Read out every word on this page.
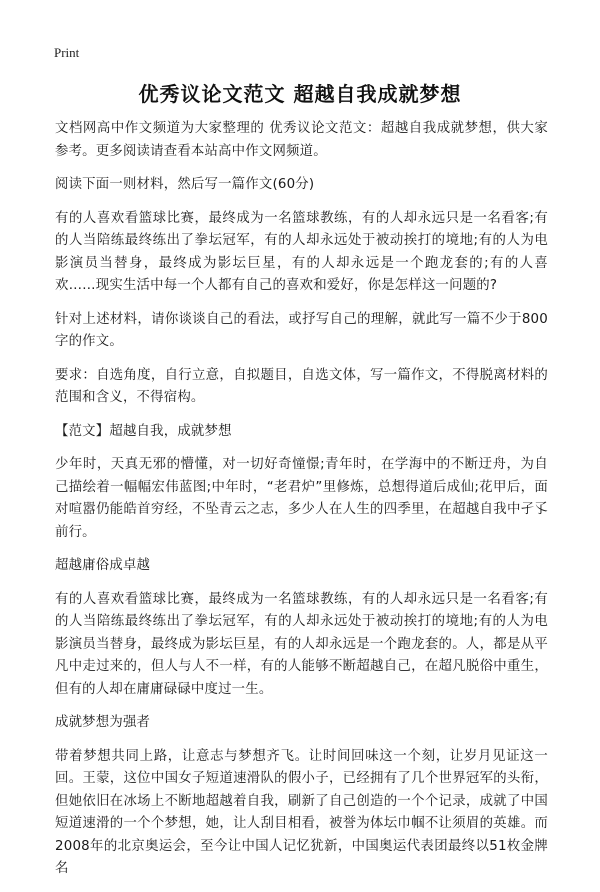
Print
优秀议论文范文 超越自我成就梦想

文档网高中作文频道为大家整理的 优秀议论文范文：超越自我成就梦想，供大家参考。更多阅读请查看本站高中作文网频道。

阅读下面一则材料，然后写一篇作文(60分)

有的人喜欢看篮球比赛，最终成为一名篮球教练，有的人却永远只是一名看客;有的人当陪练最终练出了拳坛冠军，有的人却永远处于被动挨打的境地;有的人为电影演员当替身，最终成为影坛巨星，有的人却永远是一个跑龙套的;有的人喜欢……现实生活中每一个人都有自己的喜欢和爱好，你是怎样这一问题的?

针对上述材料，请你谈谈自己的看法，或抒写自己的理解，就此写一篇不少于800字的作文。

要求：自选角度，自行立意，自拟题目，自选文体，写一篇作文，不得脱离材料的范围和含义，不得宿构。

【范文】超越自我，成就梦想

少年时，天真无邪的懵懂，对一切好奇憧憬;青年时，在学海中的不断迂舟，为自己描绘着一幅幅宏伟蓝图;中年时，“老君炉”里修炼，总想得道后成仙;花甲后，面对喧嚣仍能皓首穷经，不坠青云之志，多少人在人生的四季里，在超越自我中孑孓前行。

超越庸俗成卓越

有的人喜欢看篮球比赛，最终成为一名篮球教练，有的人却永远只是一名看客;有的人当陪练最终练出了拳坛冠军，有的人却永远处于被动挨打的境地;有的人为电影演员当替身，最终成为影坛巨星，有的人却永远是一个跑龙套的。人，都是从平凡中走过来的，但人与人不一样，有的人能够不断超越自己，在超凡脱俗中重生，但有的人却在庸庸碌碌中度过一生。

成就梦想为强者

带着梦想共同上路，让意志与梦想齐飞。让时间回味这一个刻，让岁月见证这一回。王蒙，这位中国女子短道速滑队的假小子，已经拥有了几个世界冠军的头衔，但她依旧在冰场上不断地超越着自我，刷新了自己创造的一个个记录，成就了中国短道速滑的一个个梦想，她，让人刮目相看，被誉为体坛巾帼不让须眉的英雄。而2008年的北京奥运会，至今让中国人记忆犹新，中国奥运代表团最终以51枚金牌名
